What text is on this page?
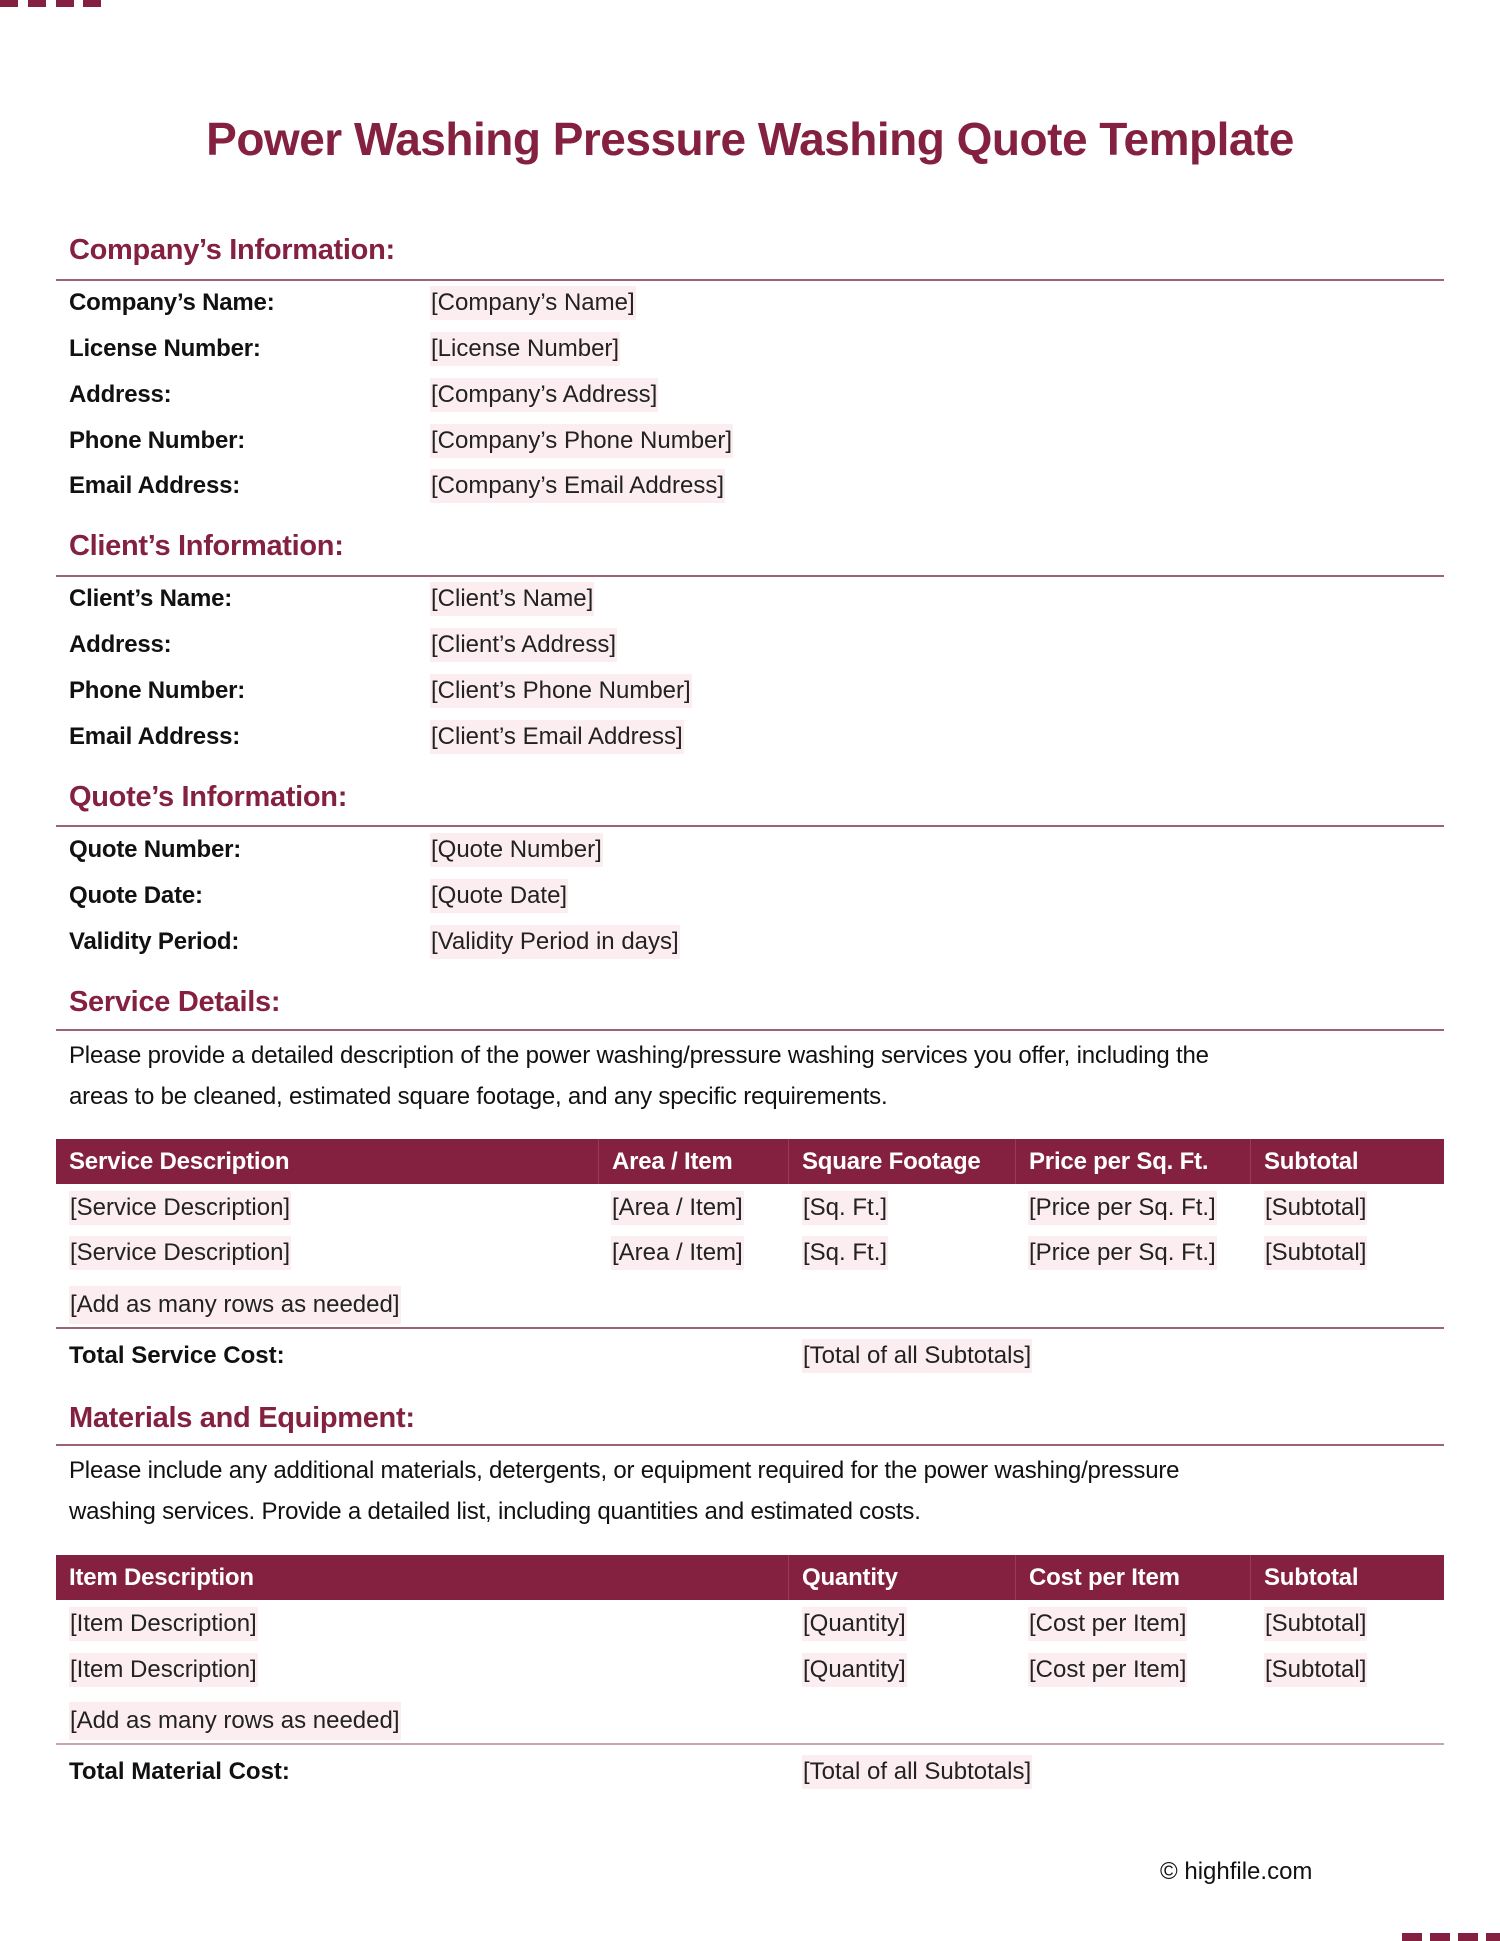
Power Washing Pressure Washing Quote Template
Company’s Information:
Company’s Name:	[Company’s Name]
License Number:	[License Number]
Address:	[Company’s Address]
Phone Number:	[Company’s Phone Number]
Email Address:	[Company’s Email Address]
Client’s Information:
Client’s Name:	[Client’s Name]
Address:	[Client’s Address]
Phone Number:	[Client’s Phone Number]
Email Address:	[Client’s Email Address]
Quote’s Information:
Quote Number:	[Quote Number]
Quote Date:	[Quote Date]
Validity Period:	[Validity Period in days]
Service Details:
Please provide a detailed description of the power washing/pressure washing services you offer, including the
areas to be cleaned, estimated square footage, and any specific requirements.
Service Description	Area / Item	Square Footage	Price per Sq. Ft.	Subtotal
[Service Description]	[Area / Item]	[Sq. Ft.]	[Price per Sq. Ft.] [Subtotal]
[Service Description]	[Area / Item]	[Sq. Ft.]	[Price per Sq. Ft.] [Subtotal]
[Add as many rows as needed]
Total Service Cost:	[Total of all Subtotals]
Materials and Equipment:
Please include any additional materials, detergents, or equipment required for the power washing/pressure
washing services. Provide a detailed list, including quantities and estimated costs.
Item Description	Quantity	Cost per Item	Subtotal
[Item Description]	[Quantity]	[Cost per Item]	[Subtotal]
[Item Description]	[Quantity]	[Cost per Item]	[Subtotal]
[Add as many rows as needed]
Total Material Cost:	[Total of all Subtotals]
© highfile.com
